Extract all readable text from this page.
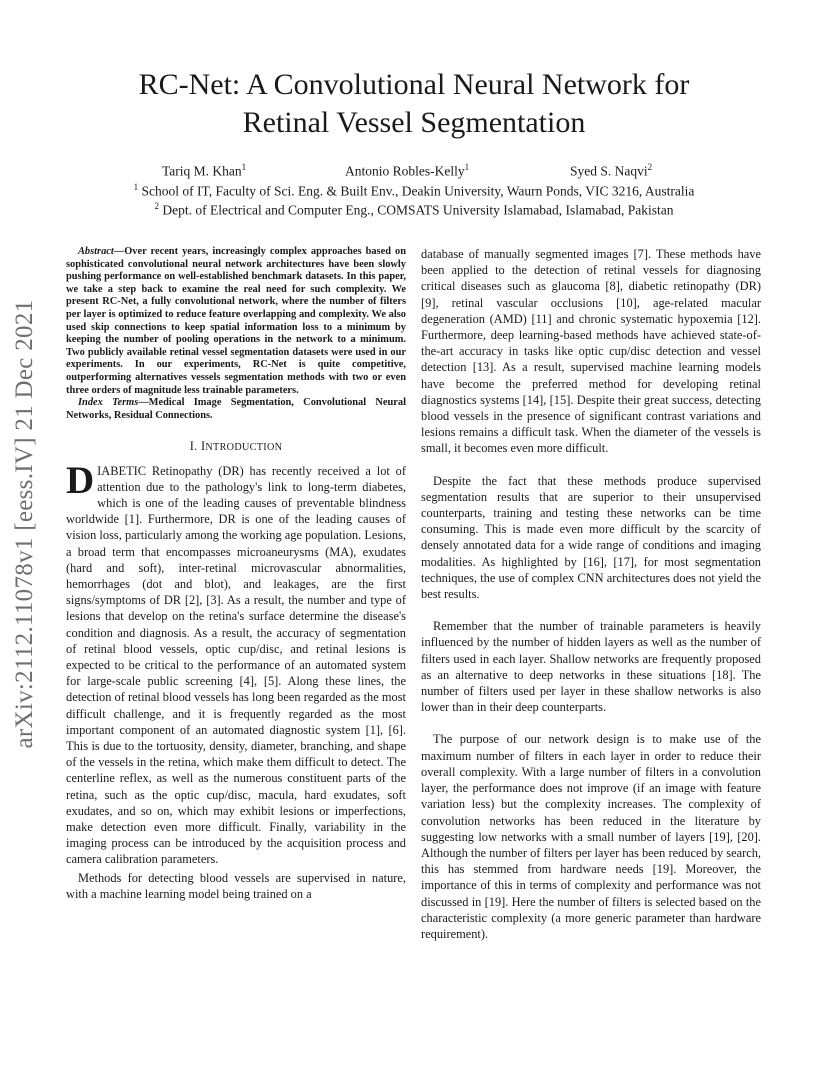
arXiv:2112.11078v1 [eess.IV] 21 Dec 2021
RC-Net: A Convolutional Neural Network for
Retinal Vessel Segmentation
Tariq M. Khan$^1$	Antonio Robles-Kelly$^1$	Syed S. Naqvi$^2$
$^1$ School of IT, Faculty of Sci. Eng. & Built Env., Deakin University, Waurn Ponds, VIC 3216, Australia
$^2$ Dept. of Electrical and Computer Eng., COMSATS University Islamabad, Islamabad, Pakistan

Abstract—Over recent years, increasingly complex approaches based on sophisticated convolutional neural network architectures have been slowly pushing performance on well-established benchmark datasets. In this paper, we take a step back to examine the real need for such complexity. We present RC-Net, a fully convolutional network, where the number of filters per layer is optimized to reduce feature overlapping and complexity. We also used skip connections to keep spatial information loss to a minimum by keeping the number of pooling operations in the network to a minimum. Two publicly available retinal vessel segmentation datasets were used in our experiments. In our experiments, RC-Net is quite competitive, outperforming alternatives vessels segmentation methods with two or even three orders of magnitude less trainable parameters.

Index Terms—Medical Image Segmentation, Convolutional Neural Networks, Residual Connections.

I. INTRODUCTION

DIABETIC Retinopathy (DR) has recently received a lot of attention due to the pathology's link to long-term diabetes, which is one of the leading causes of preventable blindness worldwide [1]. Furthermore, DR is one of the leading causes of vision loss, particularly among the working age population. Lesions, a broad term that encompasses microaneurysms (MA), exudates (hard and soft), inter-retinal microvascular abnormalities, hemorrhages (dot and blot), and leakages, are the first signs/symptoms of DR [2], [3]. As a result, the number and type of lesions that develop on the retina's surface determine the disease's condition and diagnosis. As a result, the accuracy of segmentation of retinal blood vessels, optic cup/disc, and retinal lesions is expected to be critical to the performance of an automated system for large-scale public screening [4], [5]. Along these lines, the detection of retinal blood vessels has long been regarded as the most difficult challenge, and it is frequently regarded as the most important component of an automated diagnostic system [1], [6]. This is due to the tortuosity, density, diameter, branching, and shape of the vessels in the retina, which make them difficult to detect. The centerline reflex, as well as the numerous constituent parts of the retina, such as the optic cup/disc, macula, hard exudates, soft exudates, and so on, which may exhibit lesions or imperfections, make detection even more difficult. Finally, variability in the imaging process can be introduced by the acquisition process and camera calibration parameters.

Methods for detecting blood vessels are supervised in nature, with a machine learning model being trained on a

database of manually segmented images [7]. These methods have been applied to the detection of retinal vessels for diagnosing critical diseases such as glaucoma [8], diabetic retinopathy (DR) [9], retinal vascular occlusions [10], age-related macular degeneration (AMD) [11] and chronic systematic hypoxemia [12]. Furthermore, deep learning-based methods have achieved state-of-the-art accuracy in tasks like optic cup/disc detection and vessel detection [13]. As a result, supervised machine learning models have become the preferred method for developing retinal diagnostics systems [14], [15]. Despite their great success, detecting blood vessels in the presence of significant contrast variations and lesions remains a difficult task. When the diameter of the vessels is small, it becomes even more difficult.

Despite the fact that these methods produce supervised segmentation results that are superior to their unsupervised counterparts, training and testing these networks can be time consuming. This is made even more difficult by the scarcity of densely annotated data for a wide range of conditions and imaging modalities. As highlighted by [16], [17], for most segmentation techniques, the use of complex CNN architectures does not yield the best results.

Remember that the number of trainable parameters is heavily influenced by the number of hidden layers as well as the number of filters used in each layer. Shallow networks are frequently proposed as an alternative to deep networks in these situations [18]. The number of filters used per layer in these shallow networks is also lower than in their deep counterparts.

The purpose of our network design is to make use of the maximum number of filters in each layer in order to reduce their overall complexity. With a large number of filters in a convolution layer, the performance does not improve (if an image with feature variation less) but the complexity increases. The complexity of convolution networks has been reduced in the literature by suggesting low networks with a small number of layers [19], [20]. Although the number of filters per layer has been reduced by search, this has stemmed from hardware needs [19]. Moreover, the importance of this in terms of complexity and performance was not discussed in [19]. Here the number of filters is selected based on the characteristic complexity (a more generic parameter than hardware requirement).
